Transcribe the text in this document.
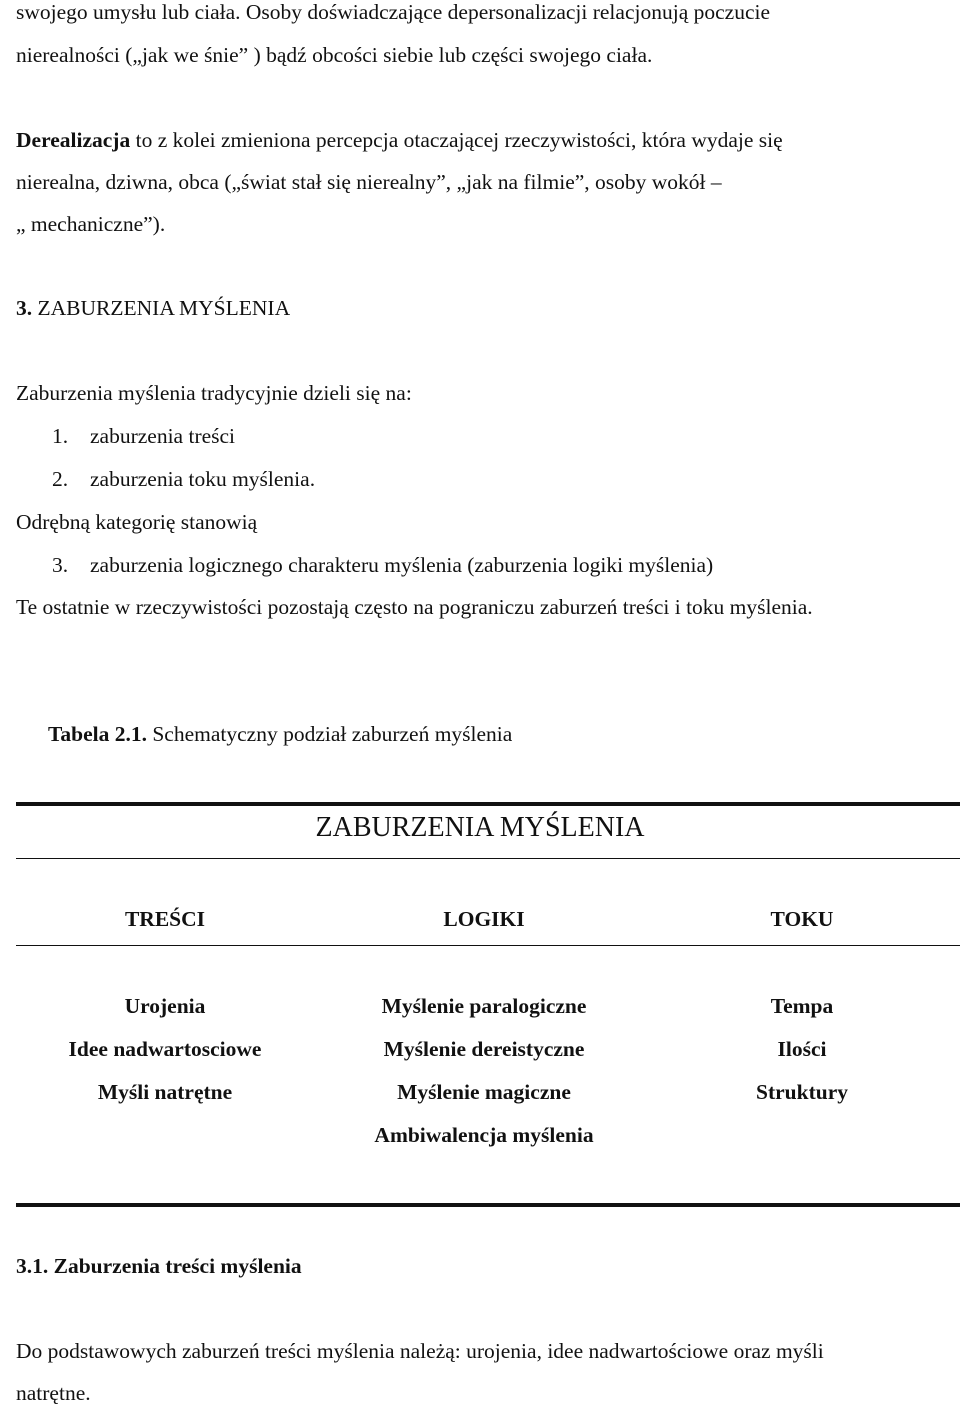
swojego umysłu lub ciała. Osoby doświadczające depersonalizacji relacjonują poczucie
nierealności („jak we śnie” ) bądź obcości siebie lub części swojego ciała.
Derealizacja to z kolei zmieniona percepcja otaczającej rzeczywistości, która wydaje się
nierealna, dziwna, obca („świat stał się nierealny”, „jak na filmie”, osoby wokół –
„ mechaniczne”).
3. ZABURZENIA MYŚLENIA
Zaburzenia myślenia tradycyjnie dzieli się na:
1. zaburzenia treści
2. zaburzenia toku myślenia.
Odrębną kategorię stanowią
3. zaburzenia logicznego charakteru myślenia (zaburzenia logiki myślenia)
Te ostatnie w rzeczywistości pozostają często na pograniczu zaburzeń treści i toku myślenia.
Tabela 2.1. Schematyczny podział zaburzeń myślenia
ZABURZENIA MYŚLENIA
TREŚCI	LOGIKI	TOKU
Urojenia
Idee nadwartosciowe
Myśli natrętne
Myślenie paralogiczne
Myślenie dereistyczne
Myślenie magiczne
Ambiwalencja myślenia
Tempa
Ilości
Struktury
3.1. Zaburzenia treści myślenia
Do podstawowych zaburzeń treści myślenia należą: urojenia, idee nadwartościowe oraz myśli
natrętne.
